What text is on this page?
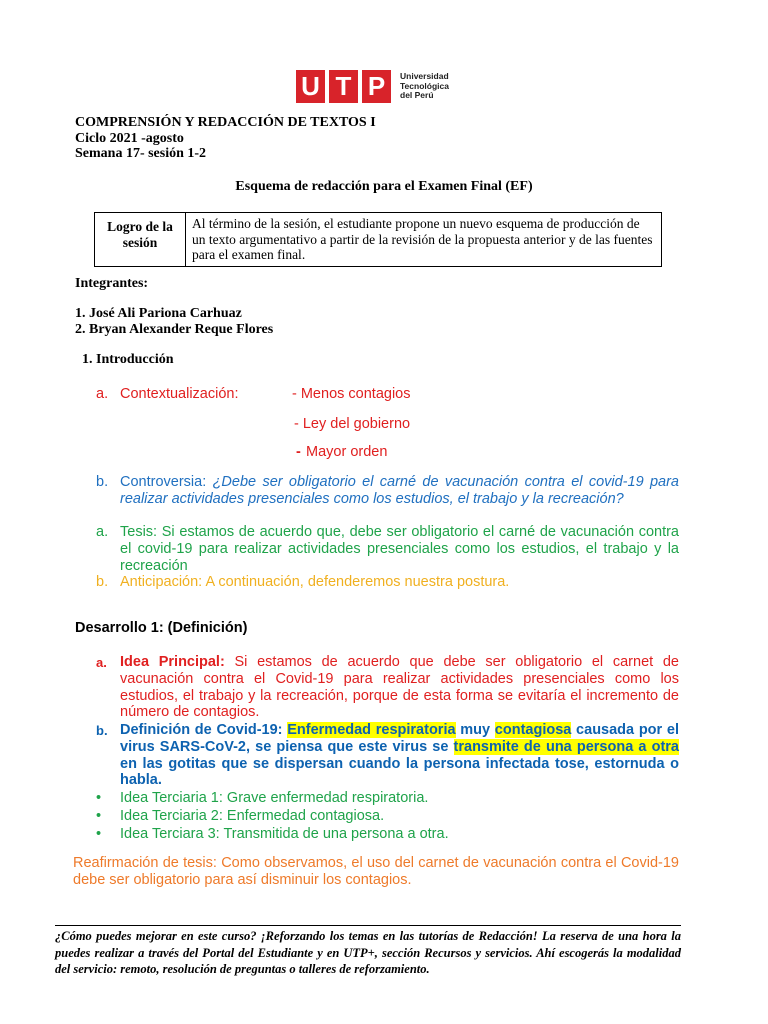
U T P	Universidad
Tecnológica
del Perú
COMPRENSIÓN Y REDACCIÓN DE TEXTOS I
Ciclo 2021 -agosto
Semana 17- sesión 1-2
Esquema de redacción para el Examen Final (EF)
Logro de la
sesión
	Al término de la sesión, el estudiante propone un nuevo esquema de producción de un texto argumentativo a partir de la revisión de la propuesta anterior y de las fuentes para el examen final.
Integrantes:
1. José Ali Pariona Carhuaz
2. Bryan Alexander Reque Flores
1. Introducción
a. Contextualización:	- Menos contagios
- Ley del gobierno
- Mayor orden
b. Controversia: ¿Debe ser obligatorio el carné de vacunación contra el covid-19 para realizar actividades presenciales como los estudios, el trabajo y la recreación?
a. Tesis: Si estamos de acuerdo que, debe ser obligatorio el carné de vacunación contra el covid-19 para realizar actividades presenciales como los estudios, el trabajo y la recreación
b. Anticipación: A continuación, defenderemos nuestra postura.
Desarrollo 1: (Definición)
a. Idea Principal: Si estamos de acuerdo que debe ser obligatorio el carnet de vacunación contra el Covid-19 para realizar actividades presenciales como los estudios, el trabajo y la recreación, porque de esta forma se evitaría el incremento de número de contagios.
b. Definición de Covid-19: Enfermedad respiratoria muy contagiosa causada por el virus SARS-CoV-2, se piensa que este virus se transmite de una persona a otra en las gotitas que se dispersan cuando la persona infectada tose, estornuda o habla.
• Idea Terciaria 1: Grave enfermedad respiratoria.
• Idea Terciaria 2: Enfermedad contagiosa.
• Idea Terciara 3: Transmitida de una persona a otra.
Reafirmación de tesis: Como observamos, el uso del carnet de vacunación contra el Covid-19 debe ser obligatorio para así disminuir los contagios.
¿Cómo puedes mejorar en este curso? ¡Reforzando los temas en las tutorías de Redacción! La reserva de una hora la puedes realizar a través del Portal del Estudiante y en UTP+, sección Recursos y servicios. Ahí escogerás la modalidad del servicio: remoto, resolución de preguntas o talleres de reforzamiento.
